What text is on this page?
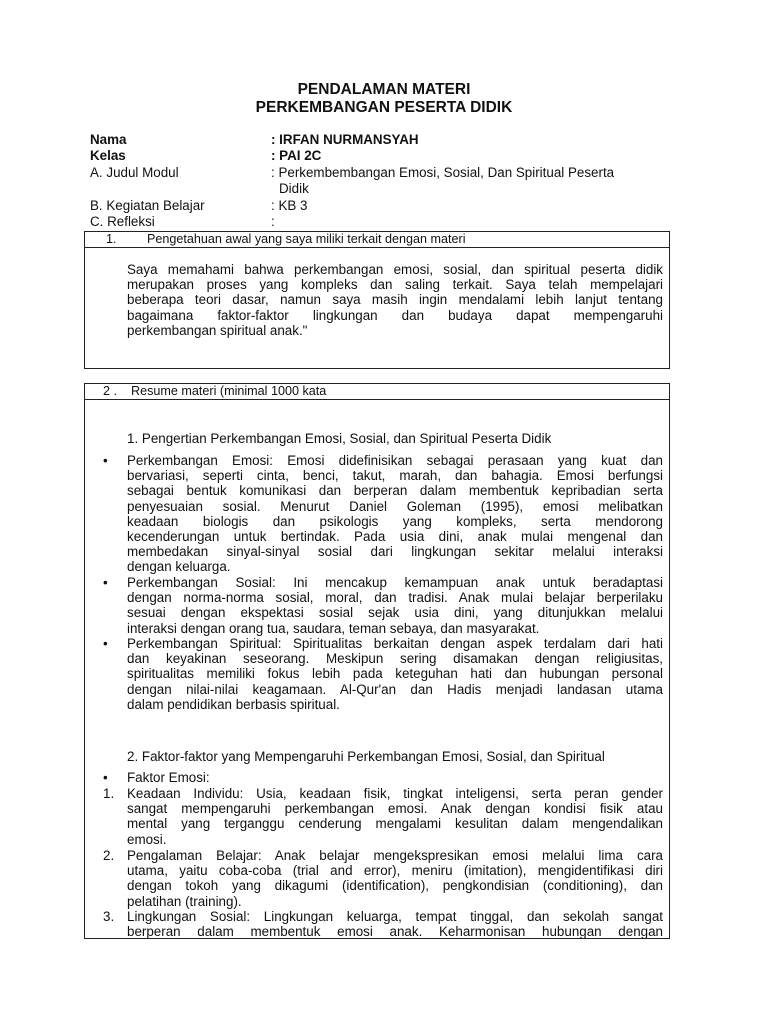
PENDALAMAN MATERI
PERKEMBANGAN PESERTA DIDIK
Nama	: IRFAN NURMANSYAH
Kelas	: PAI 2C
A. Judul Modul	: Perkembembangan Emosi, Sosial, Dan Spiritual Peserta
Didik
B. Kegiatan Belajar	: KB 3
C. Refleksi	:
1. Pengetahuan awal yang saya miliki terkait dengan materi
Saya memahami bahwa perkembangan emosi, sosial, dan spiritual peserta didik
merupakan proses yang kompleks dan saling terkait. Saya telah mempelajari
beberapa teori dasar, namun saya masih ingin mendalami lebih lanjut tentang
bagaimana faktor-faktor lingkungan dan budaya dapat mempengaruhi
perkembangan spiritual anak."
2 . Resume materi (minimal 1000 kata
1. Pengertian Perkembangan Emosi, Sosial, dan Spiritual Peserta Didik
• Perkembangan Emosi: Emosi didefinisikan sebagai perasaan yang kuat dan
bervariasi, seperti cinta, benci, takut, marah, dan bahagia. Emosi berfungsi
sebagai bentuk komunikasi dan berperan dalam membentuk kepribadian serta
penyesuaian sosial. Menurut Daniel Goleman (1995), emosi melibatkan
keadaan biologis dan psikologis yang kompleks, serta mendorong
kecenderungan untuk bertindak. Pada usia dini, anak mulai mengenal dan
membedakan sinyal-sinyal sosial dari lingkungan sekitar melalui interaksi
dengan keluarga.
• Perkembangan Sosial: Ini mencakup kemampuan anak untuk beradaptasi
dengan norma-norma sosial, moral, dan tradisi. Anak mulai belajar berperilaku
sesuai dengan ekspektasi sosial sejak usia dini, yang ditunjukkan melalui
interaksi dengan orang tua, saudara, teman sebaya, dan masyarakat.
• Perkembangan Spiritual: Spiritualitas berkaitan dengan aspek terdalam dari hati
dan keyakinan seseorang. Meskipun sering disamakan dengan religiusitas,
spiritualitas memiliki fokus lebih pada keteguhan hati dan hubungan personal
dengan nilai-nilai keagamaan. Al-Qur'an dan Hadis menjadi landasan utama
dalam pendidikan berbasis spiritual.
2. Faktor-faktor yang Mempengaruhi Perkembangan Emosi, Sosial, dan Spiritual
• Faktor Emosi:
1. Keadaan Individu: Usia, keadaan fisik, tingkat inteligensi, serta peran gender
sangat mempengaruhi perkembangan emosi. Anak dengan kondisi fisik atau
mental yang terganggu cenderung mengalami kesulitan dalam mengendalikan
emosi.
2. Pengalaman Belajar: Anak belajar mengekspresikan emosi melalui lima cara
utama, yaitu coba-coba (trial and error), meniru (imitation), mengidentifikasi diri
dengan tokoh yang dikagumi (identification), pengkondisian (conditioning), dan
pelatihan (training).
3. Lingkungan Sosial: Lingkungan keluarga, tempat tinggal, dan sekolah sangat
berperan dalam membentuk emosi anak. Keharmonisan hubungan dengan
